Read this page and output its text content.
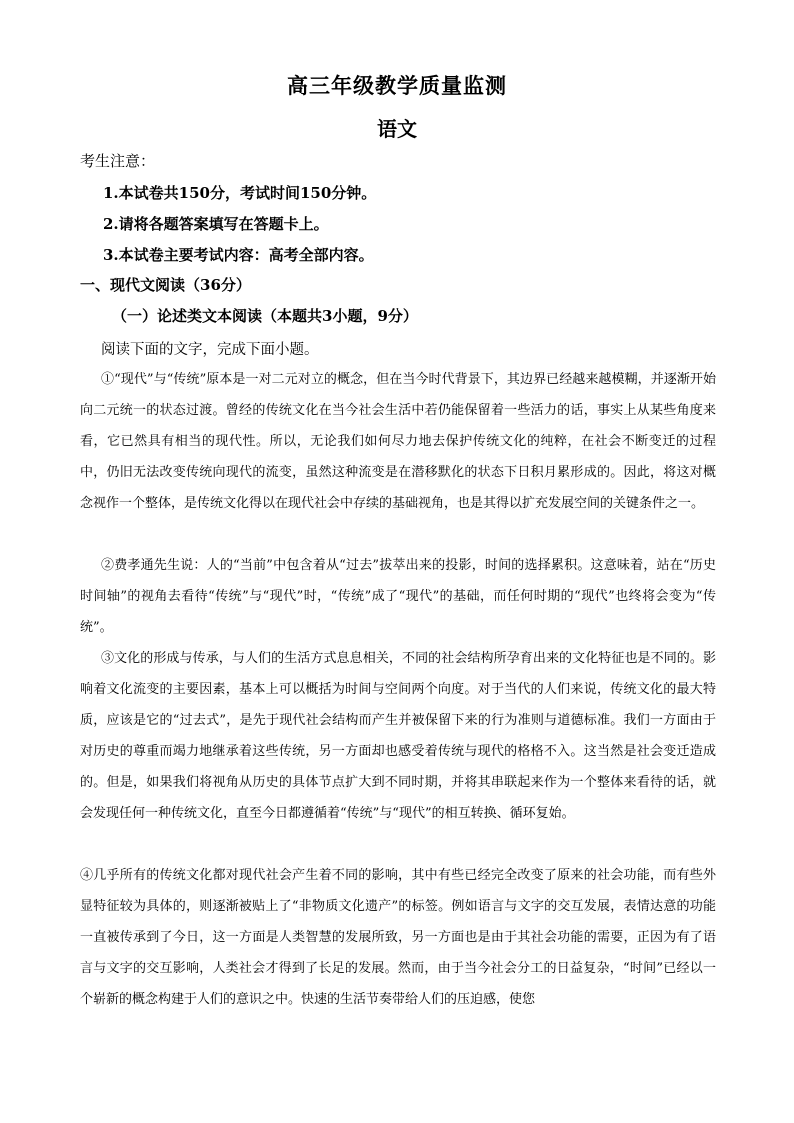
高三年级教学质量监测
语文
考生注意：
1.本试卷共150分，考试时间150分钟。
2.请将各题答案填写在答题卡上。
3.本试卷主要考试内容：高考全部内容。
一、现代文阅读（36分）
（一）论述类文本阅读（本题共3小题，9分）
阅读下面的文字，完成下面小题。
①“现代”与“传统”原本是一对二元对立的概念，但在当今时代背景下，其边界已经越来越模糊，并逐渐开始向二元统一的状态过渡。曾经的传统文化在当今社会生活中若仍能保留着一些活力的话，事实上从某些角度来看，它已然具有相当的现代性。所以，无论我们如何尽力地去保护传统文化的纯粹，在社会不断变迁的过程中，仍旧无法改变传统向现代的流变，虽然这种流变是在潜移默化的状态下日积月累形成的。因此，将这对概念视作一个整体，是传统文化得以在现代社会中存续的基础视角，也是其得以扩充发展空间的关键条件之一。
②费孝通先生说：人的“当前”中包含着从“过去”拔萃出来的投影，时间的选择累积。这意味着，站在“历史时间轴”的视角去看待“传统”与“现代”时，“传统”成了“现代”的基础，而任何时期的“现代”也终将会变为“传统”。
③文化的形成与传承，与人们的生活方式息息相关，不同的社会结构所孕育出来的文化特征也是不同的。影响着文化流变的主要因素，基本上可以概括为时间与空间两个向度。对于当代的人们来说，传统文化的最大特质，应该是它的“过去式”，是先于现代社会结构而产生并被保留下来的行为准则与道德标准。我们一方面由于对历史的尊重而竭力地继承着这些传统，另一方面却也感受着传统与现代的格格不入。这当然是社会变迁造成的。但是，如果我们将视角从历史的具体节点扩大到不同时期，并将其串联起来作为一个整体来看待的话，就会发现任何一种传统文化，直至今日都遵循着“传统”与“现代”的相互转换、循环复始。
④几乎所有的传统文化都对现代社会产生着不同的影响，其中有些已经完全改变了原来的社会功能，而有些外显特征较为具体的，则逐渐被贴上了“非物质文化遗产”的标签。例如语言与文字的交互发展，表情达意的功能一直被传承到了今日，这一方面是人类智慧的发展所致，另一方面也是由于其社会功能的需要，正因为有了语言与文字的交互影响，人类社会才得到了长足的发展。然而，由于当今社会分工的日益复杂，“时间”已经以一个崭新的概念构建于人们的意识之中。快速的生活节奏带给人们的压迫感，使您
